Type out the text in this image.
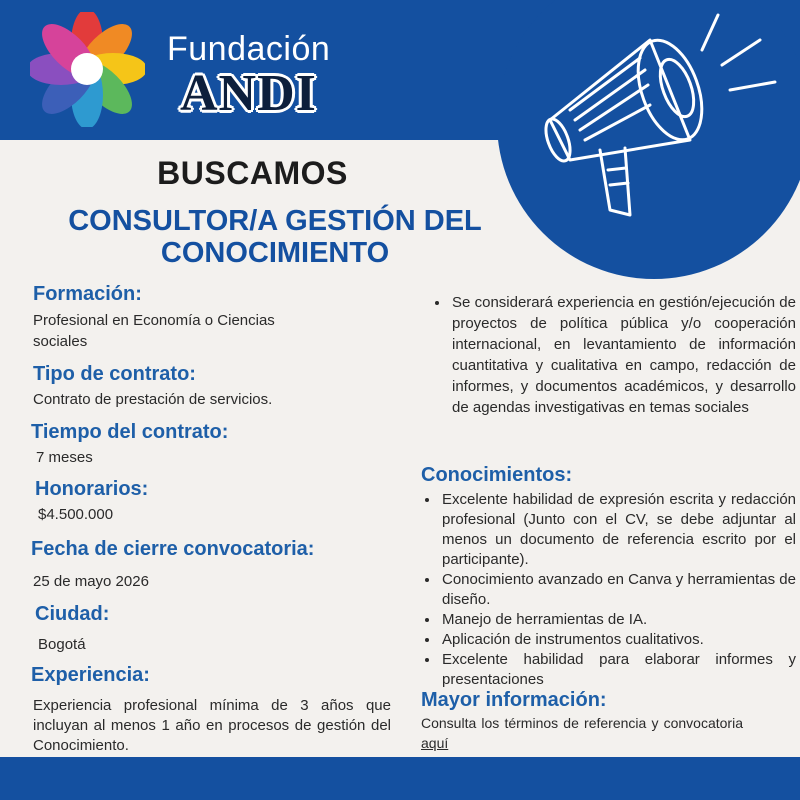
Fundación
ANDI
BUSCAMOS
CONSULTOR/A GESTIÓN DEL
CONOCIMIENTO
Formación:
Profesional en Economía o Ciencias
sociales
Tipo de contrato:
Contrato de prestación de servicios.
Tiempo del contrato:
7 meses
Honorarios:
$4.500.000
Fecha de cierre convocatoria:
25 de mayo 2026
Ciudad:
Bogotá
Experiencia:
Experiencia profesional mínima de 3 años que incluyan al menos 1 año en procesos de gestión del Conocimiento.
• Se considerará experiencia en gestión/ejecución de proyectos de política pública y/o cooperación internacional, en levantamiento de información cuantitativa y cualitativa en campo, redacción de informes, y documentos académicos, y desarrollo de agendas investigativas en temas sociales
Conocimientos:
• Excelente habilidad de expresión escrita y redacción profesional (Junto con el CV, se debe adjuntar al menos un documento de referencia escrito por el participante).
• Conocimiento avanzado en Canva y herramientas de diseño.
• Manejo de herramientas de IA.
• Aplicación de instrumentos cualitativos.
• Excelente habilidad para elaborar informes y presentaciones
Mayor información:
Consulta los términos de referencia y convocatoria aquí
